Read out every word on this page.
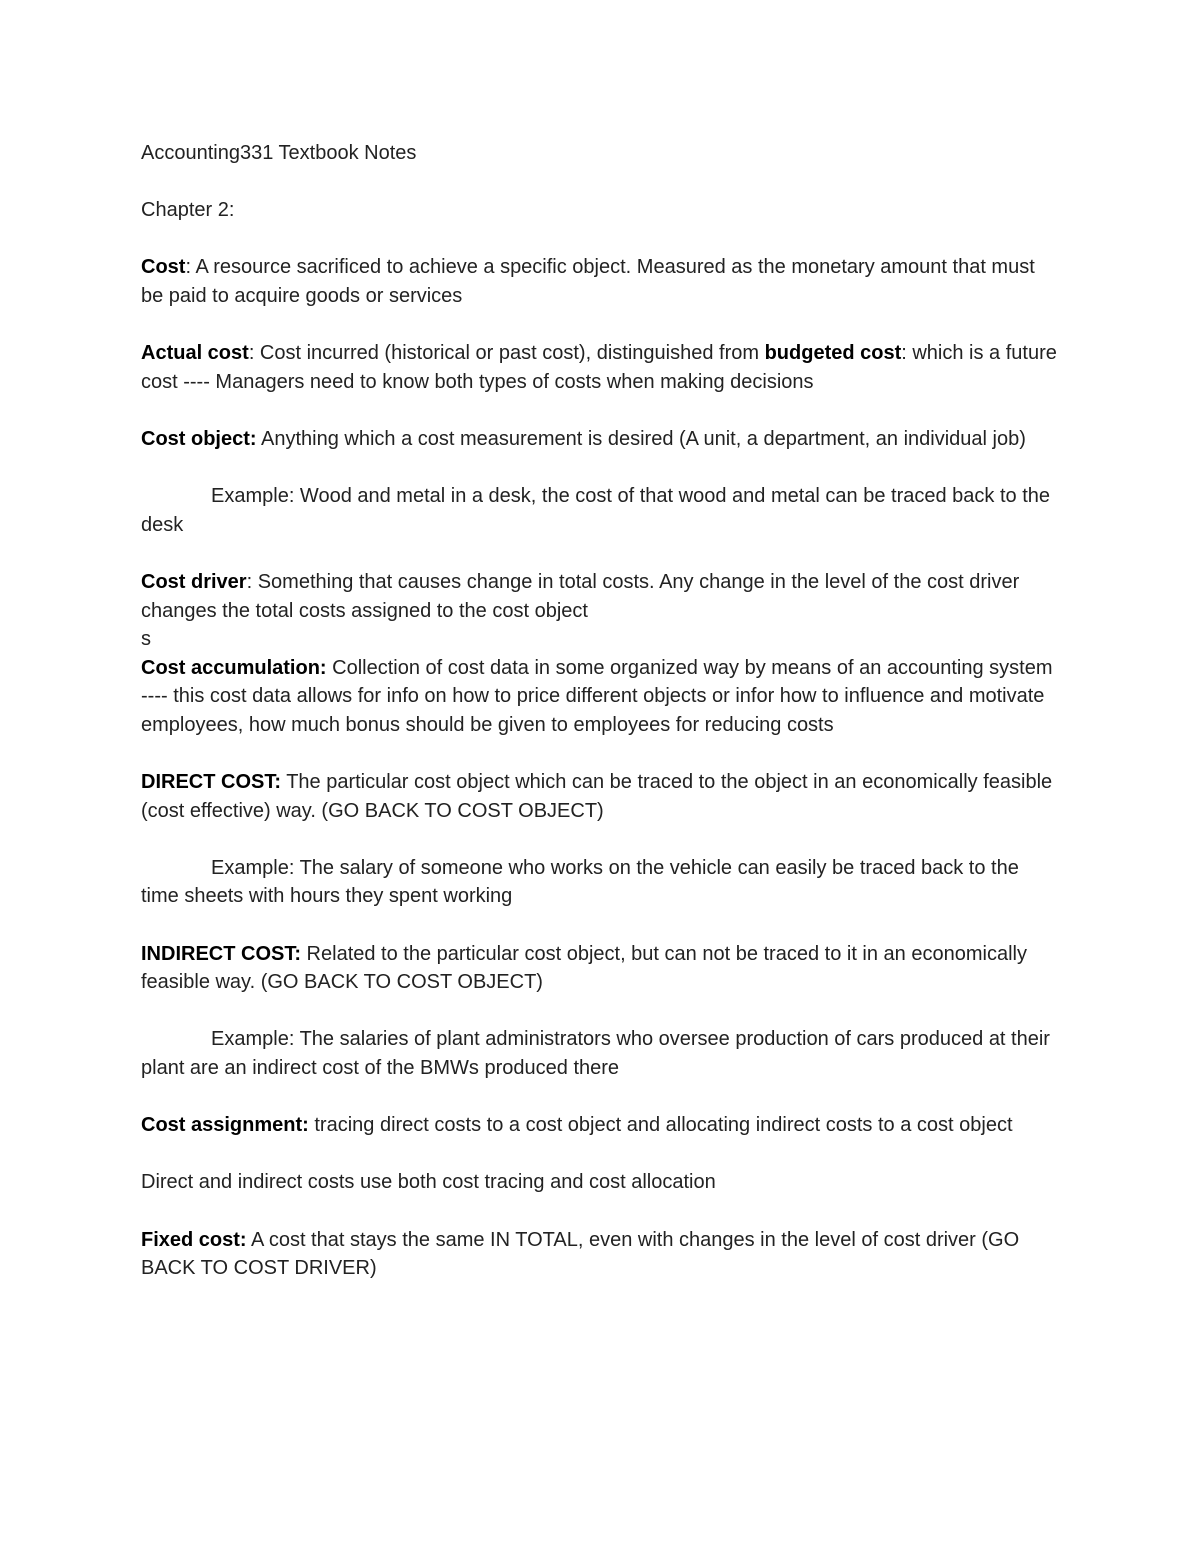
Accounting331 Textbook Notes

Chapter 2:

Cost: A resource sacrificed to achieve a specific object. Measured as the monetary amount that must be paid to acquire goods or services

Actual cost: Cost incurred (historical or past cost), distinguished from budgeted cost: which is a future cost ---- Managers need to know both types of costs when making decisions

Cost object: Anything which a cost measurement is desired (A unit, a department, an individual job)

Example: Wood and metal in a desk, the cost of that wood and metal can be traced back to the desk

Cost driver: Something that causes change in total costs. Any change in the level of the cost driver changes the total costs assigned to the cost object

s

Cost accumulation: Collection of cost data in some organized way by means of an accounting system ---- this cost data allows for info on how to price different objects or infor how to influence and motivate employees, how much bonus should be given to employees for reducing costs

DIRECT COST: The particular cost object which can be traced to the object in an economically feasible (cost effective) way. (GO BACK TO COST OBJECT)

Example: The salary of someone who works on the vehicle can easily be traced back to the time sheets with hours they spent working

INDIRECT COST: Related to the particular cost object, but can not be traced to it in an economically feasible way. (GO BACK TO COST OBJECT)

Example: The salaries of plant administrators who oversee production of cars produced at their plant are an indirect cost of the BMWs produced there

Cost assignment: tracing direct costs to a cost object and allocating indirect costs to a cost object

Direct and indirect costs use both cost tracing and cost allocation

Fixed cost: A cost that stays the same IN TOTAL, even with changes in the level of cost driver (GO BACK TO COST DRIVER)
